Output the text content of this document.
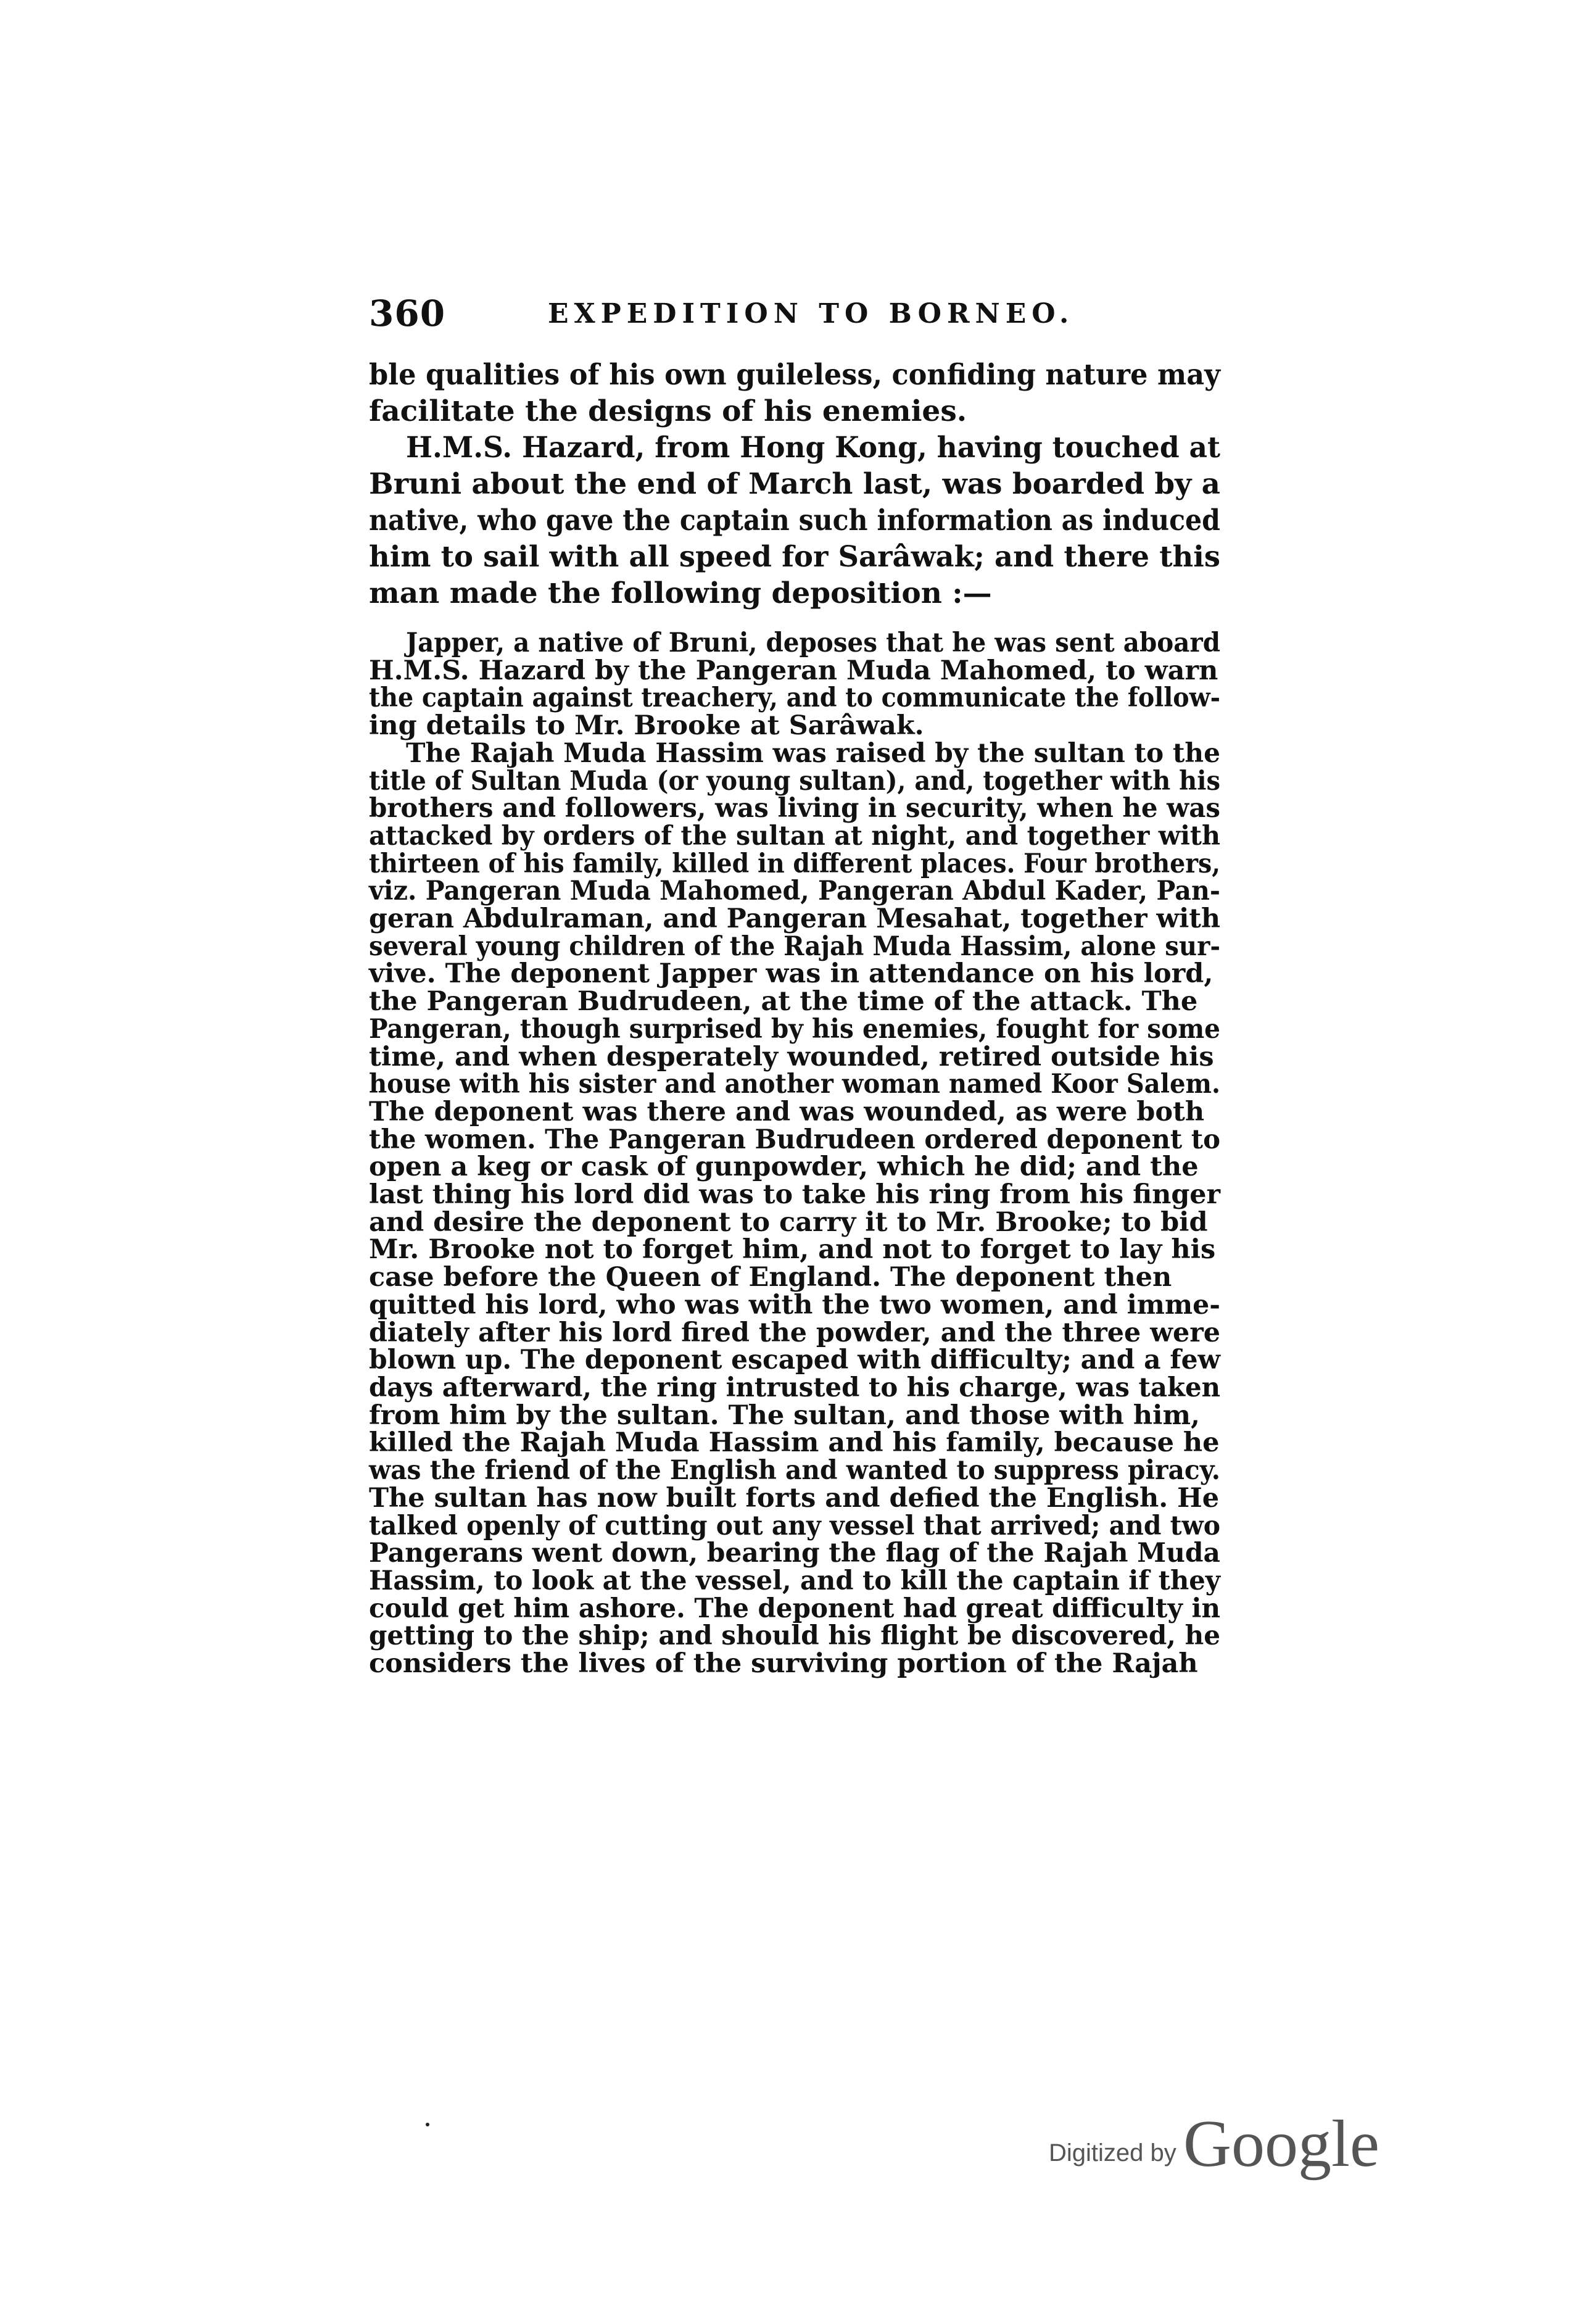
360	EXPEDITION TO BORNEO.

ble qualities of his own guileless, confiding nature may
facilitate the designs of his enemies.

H.M.S. Hazard, from Hong Kong, having touched at
Bruni about the end of March last, was boarded by a
native, who gave the captain such information as induced
him to sail with all speed for Sarâwak; and there this
man made the following deposition :—

Japper, a native of Bruni, deposes that he was sent aboard
H.M.S. Hazard by the Pangeran Muda Mahomed, to warn
the captain against treachery, and to communicate the follow-
ing details to Mr. Brooke at Sarâwak.

The Rajah Muda Hassim was raised by the sultan to the
title of Sultan Muda (or young sultan), and, together with his
brothers and followers, was living in security, when he was
attacked by orders of the sultan at night, and together with
thirteen of his family, killed in different places. Four brothers,
viz. Pangeran Muda Mahomed, Pangeran Abdul Kader, Pan-
geran Abdulraman, and Pangeran Mesahat, together with
several young children of the Rajah Muda Hassim, alone sur-
vive. The deponent Japper was in attendance on his lord,
the Pangeran Budrudeen, at the time of the attack. The
Pangeran, though surprised by his enemies, fought for some
time, and when desperately wounded, retired outside his
house with his sister and another woman named Koor Salem.
The deponent was there and was wounded, as were both
the women. The Pangeran Budrudeen ordered deponent to
open a keg or cask of gunpowder, which he did; and the
last thing his lord did was to take his ring from his finger
and desire the deponent to carry it to Mr. Brooke; to bid
Mr. Brooke not to forget him, and not to forget to lay his
case before the Queen of England. The deponent then
quitted his lord, who was with the two women, and imme-
diately after his lord fired the powder, and the three were
blown up. The deponent escaped with difficulty; and a few
days afterward, the ring intrusted to his charge, was taken
from him by the sultan. The sultan, and those with him,
killed the Rajah Muda Hassim and his family, because he
was the friend of the English and wanted to suppress piracy.
The sultan has now built forts and defied the English. He
talked openly of cutting out any vessel that arrived; and two
Pangerans went down, bearing the flag of the Rajah Muda
Hassim, to look at the vessel, and to kill the captain if they
could get him ashore. The deponent had great difficulty in
getting to the ship; and should his flight be discovered, he
considers the lives of the surviving portion of the Rajah

Digitized by Google
